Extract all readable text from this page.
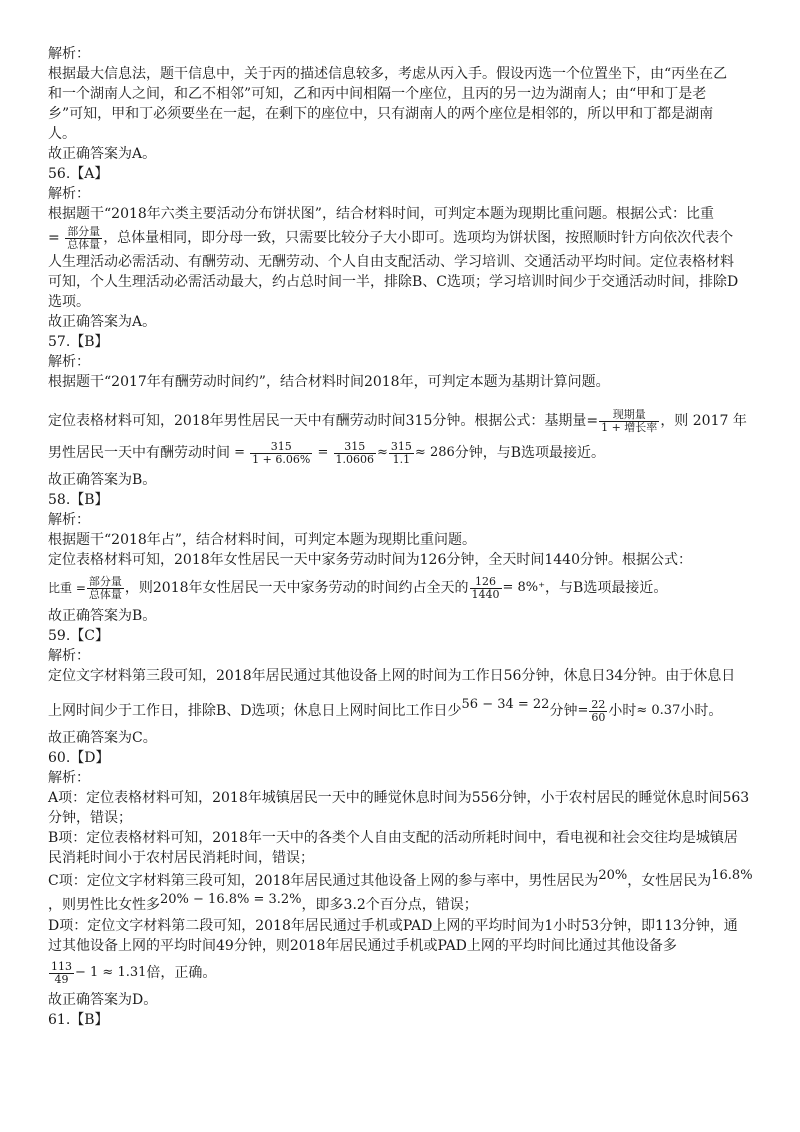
解析：
根据最大信息法，题干信息中，关于丙的描述信息较多，考虑从丙入手。假设丙选一个位置坐下，由“丙坐在乙
和一个湖南人之间，和乙不相邻”可知，乙和丙中间相隔一个座位，且丙的另一边为湖南人；由“甲和丁是老
乡”可知，甲和丁必须要坐在一起，在剩下的座位中，只有湖南人的两个座位是相邻的，所以甲和丁都是湖南
人。
故正确答案为A。
56.【A】
解析：
根据题干“2018年六类主要活动分布饼状图”，结合材料时间，可判定本题为现期比重问题。根据公式：比重
= $\frac{\text{部分量}}{\text{总体量}}$ ，总体量相同，即分母一致，只需要比较分子大小即可。选项均为饼状图，按照顺时针方向依次代表个
人生理活动必需活动、有酬劳动、无酬劳动、个人自由支配活动、学习培训、交通活动平均时间。定位表格材料
可知，个人生理活动必需活动最大，约占总时间一半，排除B、C选项；学习培训时间少于交通活动时间，排除D
选项。
故正确答案为A。
57.【B】
解析：
根据题干“2017年有酬劳动时间约”，结合材料时间2018年，可判定本题为基期计算问题。
定位表格材料可知，2018年男性居民一天中有酬劳动时间315分钟。根据公式：基期量= $\frac{\text{现期量}}{\text{1 + 增长率}}$ ，则 2017 年
男性居民一天中有酬劳动时间 = $\frac{315}{1 + 6.06\%} = \frac{315}{1.0606} \approx \frac{315}{1.1} \approx 286$分钟，与B选项最接近。
故正确答案为B。
58.【B】
解析：
根据题干“2018年占”，结合材料时间，可判定本题为现期比重问题。
定位表格材料可知，2018年女性居民一天中家务劳动时间为126分钟，全天时间1440分钟。根据公式：
比重 = $\frac{\text{部分量}}{\text{总体量}}$ ，则2018年女性居民一天中家务劳动的时间约占全天的 $\frac{126}{1440} = 8\%^+$，与B选项最接近。
故正确答案为B。
59.【C】
解析：
定位文字材料第三段可知，2018年居民通过其他设备上网的时间为工作日56分钟，休息日34分钟。由于休息日
上网时间少于工作日，排除B、D选项；休息日上网时间比工作日少56 − 34 = 22分钟= $\frac{22}{60}$ 小时≈ 0.37小时。
故正确答案为C。
60.【D】
解析：
A项：定位表格材料可知，2018年城镇居民一天中的睡觉休息时间为556分钟，小于农村居民的睡觉休息时间563
分钟，错误；
B项：定位表格材料可知，2018年一天中的各类个人自由支配的活动所耗时间中，看电视和社会交往均是城镇居
民消耗时间小于农村居民消耗时间，错误；
C项：定位文字材料第三段可知，2018年居民通过其他设备上网的参与率中，男性居民为20%，女性居民为16.8%
，则男性比女性多20% − 16.8% = 3.2%，即多3.2个百分点，错误；
D项：定位文字材料第二段可知，2018年居民通过手机或PAD上网的平均时间为1小时53分钟，即113分钟，通
过其他设备上网的平均时间49分钟，则2018年居民通过手机或PAD上网的平均时间比通过其他设备多
$\frac{113}{49} - 1 \approx 1.31$倍，正确。
故正确答案为D。
61.【B】
